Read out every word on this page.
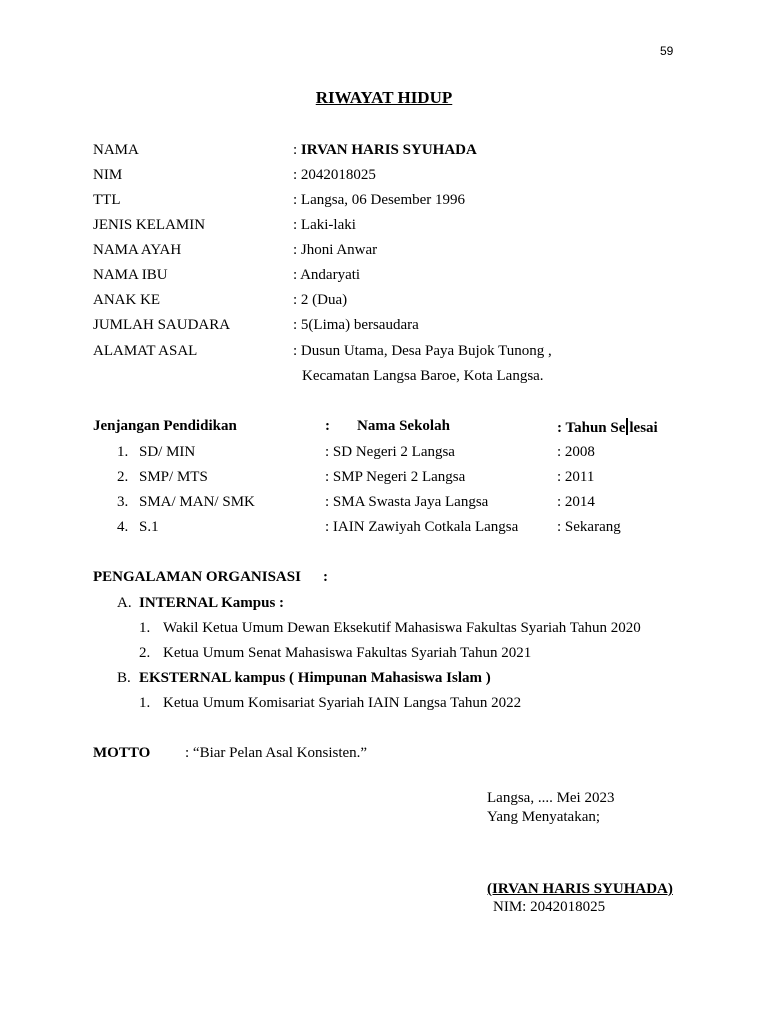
59
RIWAYAT HIDUP
NAMA	: IRVAN HARIS SYUHADA
NIM	: 2042018025
TTL	: Langsa, 06 Desember 1996
JENIS KELAMIN	: Laki-laki
NAMA AYAH	: Jhoni Anwar
NAMA IBU	: Andaryati
ANAK KE	: 2 (Dua)
JUMLAH SAUDARA	: 5(Lima) bersaudara
ALAMAT ASAL	: Dusun Utama, Desa Paya Bujok Tunong ,
Kecamatan Langsa Baroe, Kota Langsa.
Jenjangan Pendidikan	: Nama Sekolah	: Tahun Se lesai
1. SD/ MIN	: SD Negeri 2 Langsa	: 2008
2. SMP/ MTS	: SMP Negeri 2 Langsa	: 2011
3. SMA/ MAN/ SMK	: SMA Swasta Jaya Langsa	: 2014
4. S.1	: IAIN Zawiyah Cotkala Langsa	: Sekarang
PENGALAMAN ORGANISASI :
A. INTERNAL Kampus :
1. Wakil Ketua Umum Dewan Eksekutif Mahasiswa Fakultas Syariah Tahun 2020
2. Ketua Umum Senat Mahasiswa Fakultas Syariah Tahun 2021
B. EKSTERNAL kampus ( Himpunan Mahasiswa Islam )
1. Ketua Umum Komisariat Syariah IAIN Langsa Tahun 2022
MOTTO : “Biar Pelan Asal Konsisten.”
Langsa, .... Mei 2023
Yang Menyatakan;
(IRVAN HARIS SYUHADA)
NIM: 2042018025
